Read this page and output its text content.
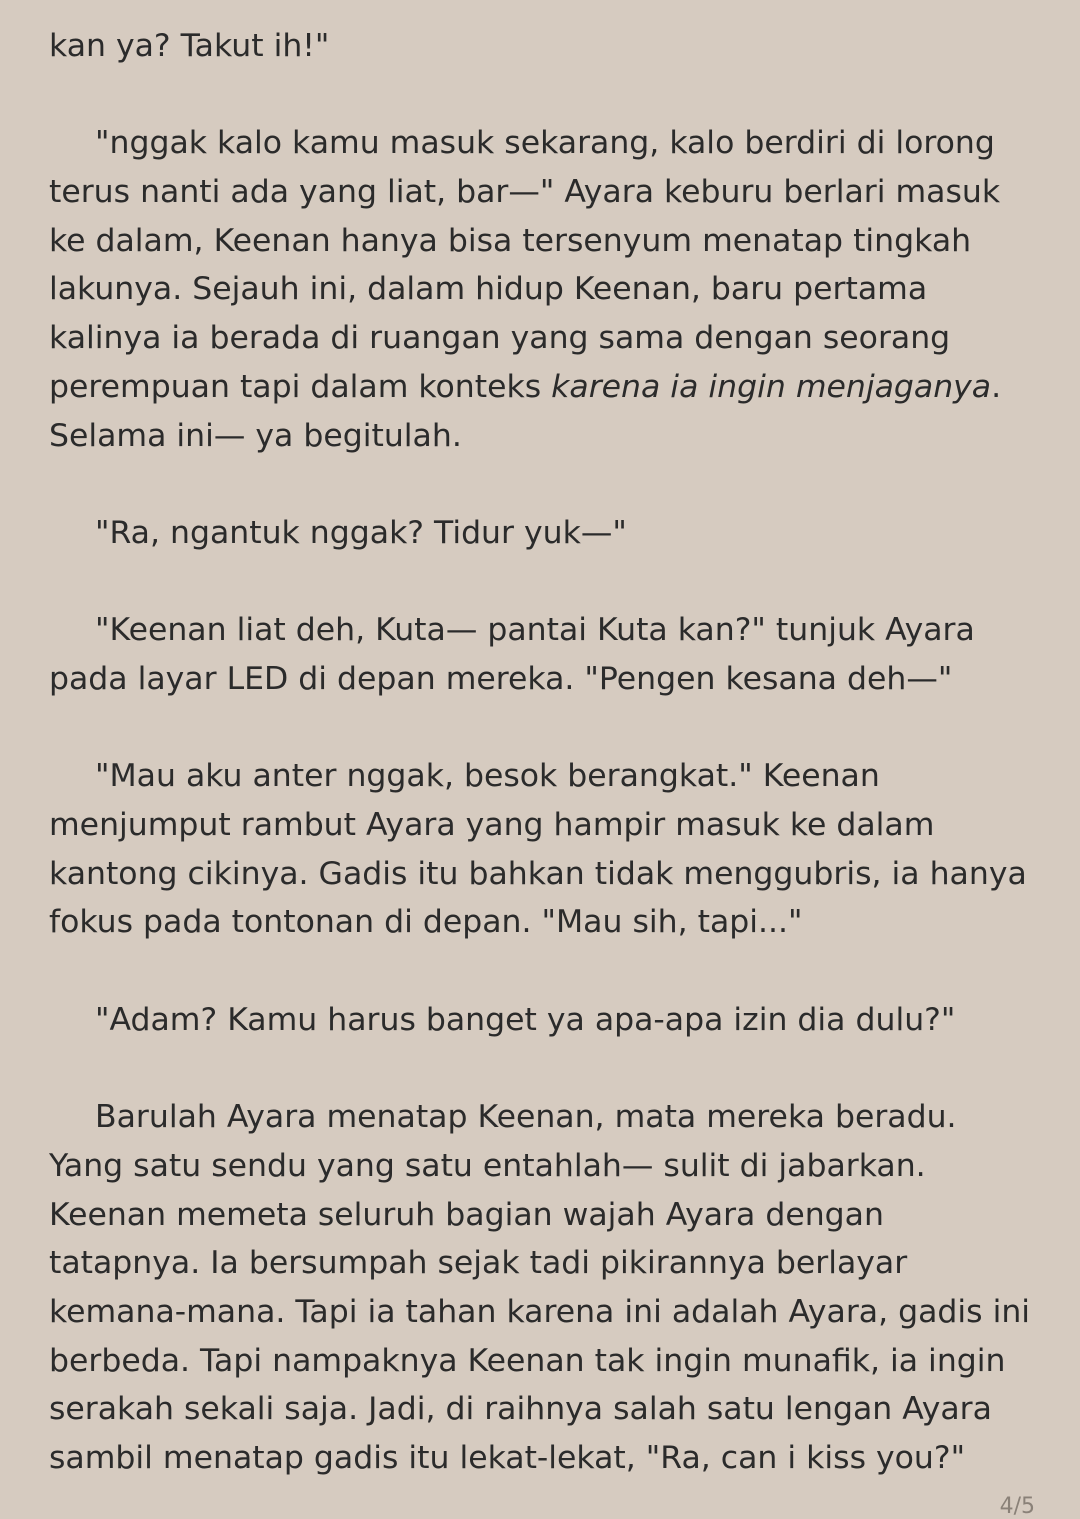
kan ya? Takut ih!"
"nggak kalo kamu masuk sekarang, kalo berdiri di lorong
terus nanti ada yang liat, bar—" Ayara keburu berlari masuk
ke dalam, Keenan hanya bisa tersenyum menatap tingkah
lakunya. Sejauh ini, dalam hidup Keenan, baru pertama
kalinya ia berada di ruangan yang sama dengan seorang
perempuan tapi dalam konteks karena ia ingin menjaganya.
Selama ini— ya begitulah.
"Ra, ngantuk nggak? Tidur yuk—"
"Keenan liat deh, Kuta— pantai Kuta kan?" tunjuk Ayara
pada layar LED di depan mereka. "Pengen kesana deh—"
"Mau aku anter nggak, besok berangkat." Keenan
menjumput rambut Ayara yang hampir masuk ke dalam
kantong cikinya. Gadis itu bahkan tidak menggubris, ia hanya
fokus pada tontonan di depan. "Mau sih, tapi..."
"Adam? Kamu harus banget ya apa-apa izin dia dulu?"
Barulah Ayara menatap Keenan, mata mereka beradu.
Yang satu sendu yang satu entahlah— sulit di jabarkan.
Keenan memeta seluruh bagian wajah Ayara dengan
tatapnya. Ia bersumpah sejak tadi pikirannya berlayar
kemana-mana. Tapi ia tahan karena ini adalah Ayara, gadis ini
berbeda. Tapi nampaknya Keenan tak ingin munafik, ia ingin
serakah sekali saja. Jadi, di raihnya salah satu lengan Ayara
sambil menatap gadis itu lekat-lekat, "Ra, can i kiss you?"
4/5
